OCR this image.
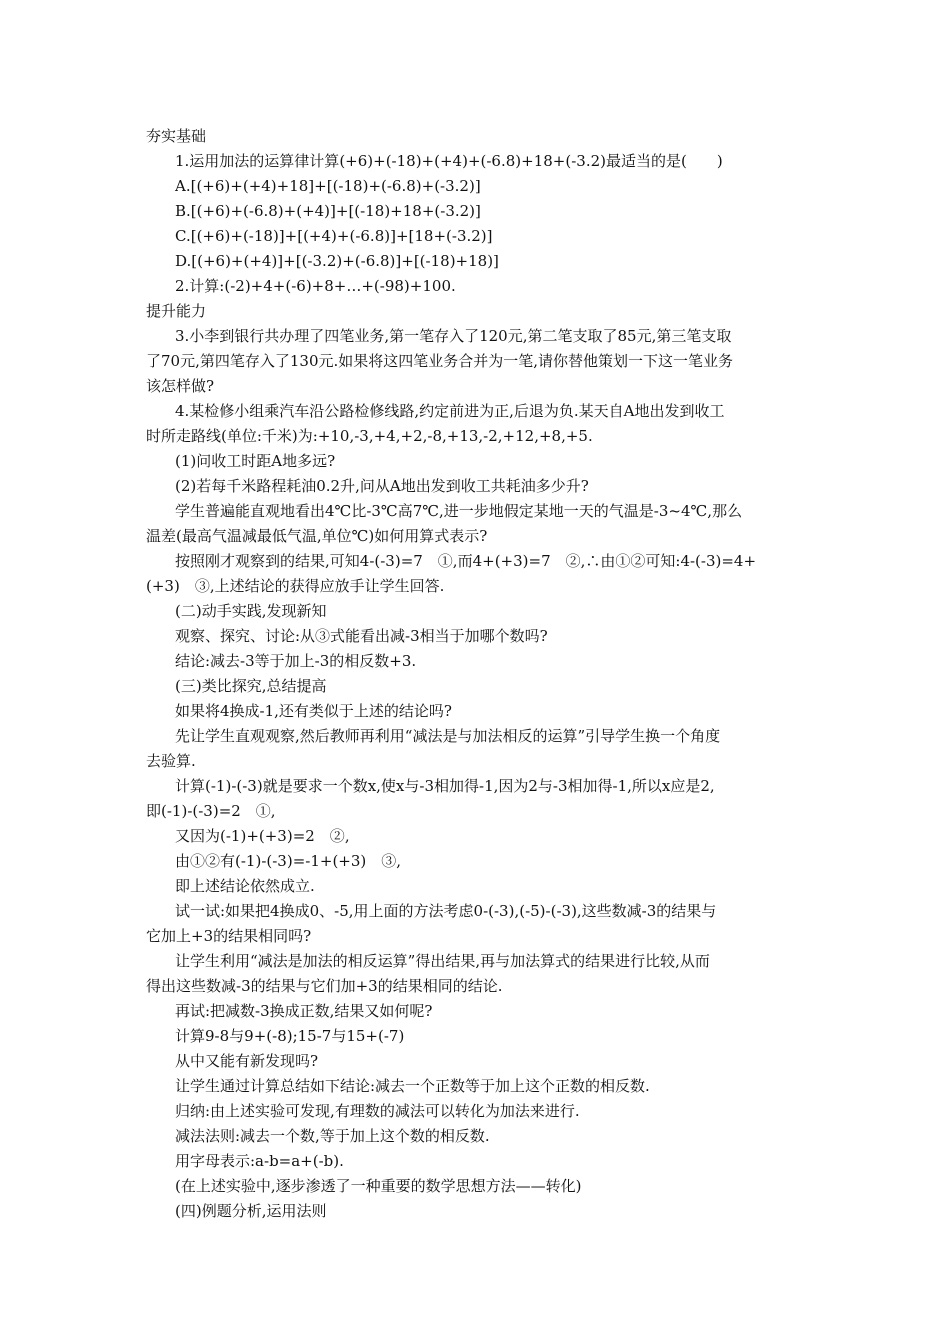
夯实基础
1.运用加法的运算律计算(+6)+(-18)+(+4)+(-6.8)+18+(-3.2)最适当的是(　　)
A.[(+6)+(+4)+18]+[(-18)+(-6.8)+(-3.2)]
B.[(+6)+(-6.8)+(+4)]+[(-18)+18+(-3.2)]
C.[(+6)+(-18)]+[(+4)+(-6.8)]+[18+(-3.2)]
D.[(+6)+(+4)]+[(-3.2)+(-6.8)]+[(-18)+18)]
2.计算:(-2)+4+(-6)+8+…+(-98)+100.
提升能力
3.小李到银行共办理了四笔业务,第一笔存入了120元,第二笔支取了85元,第三笔支取
了70元,第四笔存入了130元.如果将这四笔业务合并为一笔,请你替他策划一下这一笔业务
该怎样做?
4.某检修小组乘汽车沿公路检修线路,约定前进为正,后退为负.某天自A地出发到收工
时所走路线(单位:千米)为:+10,-3,+4,+2,-8,+13,-2,+12,+8,+5.
(1)问收工时距A地多远?
(2)若每千米路程耗油0.2升,问从A地出发到收工共耗油多少升?
学生普遍能直观地看出4℃比-3℃高7℃,进一步地假定某地一天的气温是-3~4℃,那么
温差(最高气温减最低气温,单位℃)如何用算式表示?
按照刚才观察到的结果,可知4-(-3)=7　①,而4+(+3)=7　②,∴由①②可知:4-(-3)=4+
(+3)　③,上述结论的获得应放手让学生回答.
(二)动手实践,发现新知
观察、探究、讨论:从③式能看出减-3相当于加哪个数吗?
结论:减去-3等于加上-3的相反数+3.
(三)类比探究,总结提高
如果将4换成-1,还有类似于上述的结论吗?
先让学生直观观察,然后教师再利用“减法是与加法相反的运算”引导学生换一个角度
去验算.
计算(-1)-(-3)就是要求一个数x,使x与-3相加得-1,因为2与-3相加得-1,所以x应是2,
即(-1)-(-3)=2　①,
又因为(-1)+(+3)=2　②,
由①②有(-1)-(-3)=-1+(+3)　③,
即上述结论依然成立.
试一试:如果把4换成0、-5,用上面的方法考虑0-(-3),(-5)-(-3),这些数减-3的结果与
它加上+3的结果相同吗?
让学生利用“减法是加法的相反运算”得出结果,再与加法算式的结果进行比较,从而
得出这些数减-3的结果与它们加+3的结果相同的结论.
再试:把减数-3换成正数,结果又如何呢?
计算9-8与9+(-8);15-7与15+(-7)
从中又能有新发现吗?
让学生通过计算总结如下结论:减去一个正数等于加上这个正数的相反数.
归纳:由上述实验可发现,有理数的减法可以转化为加法来进行.
减法法则:减去一个数,等于加上这个数的相反数.
用字母表示:a-b=a+(-b).
(在上述实验中,逐步渗透了一种重要的数学思想方法——转化)
(四)例题分析,运用法则
